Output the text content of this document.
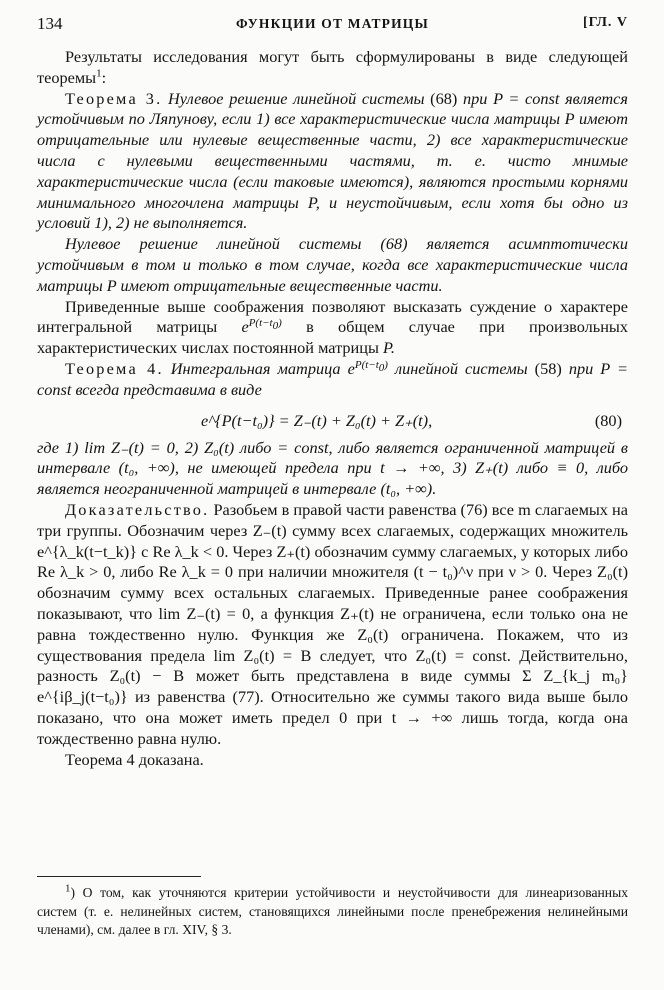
134	ФУНКЦИИ ОТ МАТРИЦЫ	[ГЛ. V

Результаты исследования могут быть сформулированы в виде следующей теоремы$^1$:

Теорема 3. Нулевое решение линейной системы (68) при P = const является устойчивым по Ляпунову, если 1) все характеристические числа матрицы P имеют отрицательные или нулевые вещественные части, 2) все характеристические числа с нулевыми вещественными частями, т. е. чисто мнимые характеристические числа (если таковые имеются), являются простыми корнями минимального многочлена матрицы P, и неустойчивым, если хотя бы одно из условий 1), 2) не выполняется.

Нулевое решение линейной системы (68) является асимптотически устойчивым в том и только в том случае, когда все характеристические числа матрицы P имеют отрицательные вещественные части.

Приведенные выше соображения позволяют высказать суждение о характере интегральной матрицы $e^{P(t-t_0)}$ в общем случае при произвольных характеристических числах постоянной матрицы P.

Теорема 4. Интегральная матрица $e^{P(t-t_0)}$ линейной системы (58) при P = const всегда представима в виде

e^{P(t−t₀)} = Z₋(t) + Z₀(t) + Z₊(t),	(80)

где 1) lim Z₋(t) = 0, 2) Z₀(t) либо = const, либо является ограниченной матрицей в интервале (t₀, +∞), не имеющей предела при t → +∞, 3) Z₊(t) либо ≡ 0, либо является неограниченной матрицей в интервале (t₀, +∞).

Доказательство. Разобьем в правой части равенства (76) все m слагаемых на три группы. Обозначим через Z₋(t) сумму всех слагаемых, содержащих множитель e^{λ_k(t−t_k)} с Re λ_k < 0. Через Z₊(t) обозначим сумму слагаемых, у которых либо Re λ_k > 0, либо Re λ_k = 0 при наличии множителя (t − t₀)^ν при ν > 0. Через Z₀(t) обозначим сумму всех остальных слагаемых. Приведенные ранее соображения показывают, что lim Z₋(t) = 0, а функция Z₊(t) не ограничена, если только она не равна тождественно нулю. Функция же Z₀(t) ограничена. Покажем, что из существования предела lim Z₀(t) = B следует, что Z₀(t) = const. Действительно, разность Z₀(t) − B может быть представлена в виде суммы Σ Z_{k_j m₀} e^{iβ_j(t−t₀)} из равенства (77). Относительно же суммы такого вида выше было показано, что она может иметь предел 0 при t → +∞ лишь тогда, когда она тождественно равна нулю.

Теорема 4 доказана.

$^1$) О том, как уточняются критерии устойчивости и неустойчивости для линеаризованных систем (т. е. нелинейных систем, становящихся линейными после пренебрежения нелинейными членами), см. далее в гл. XIV, § 3.
